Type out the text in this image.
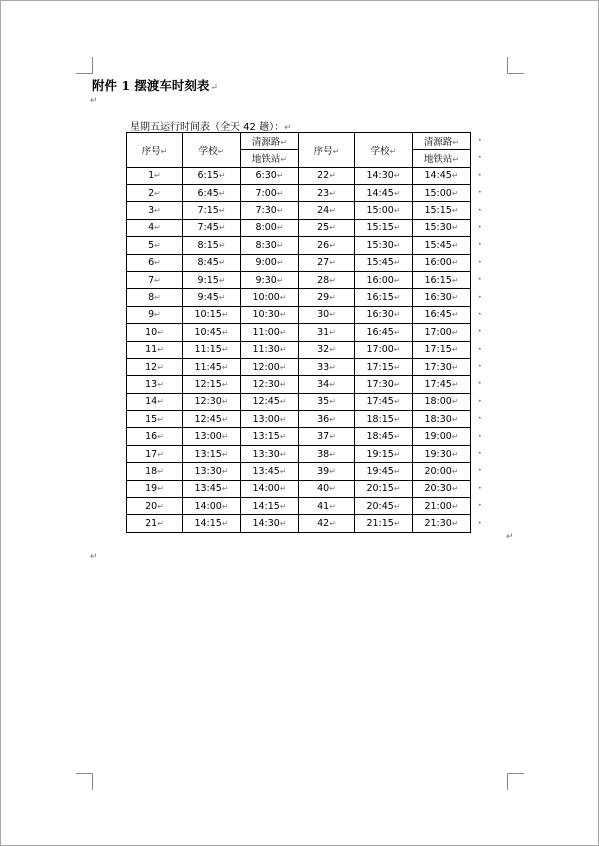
附件 1 摆渡车时刻表↵
↵
星期五运行时间表（全天 42 趟）：↵
序号↵	学校↵	清源路↵	序号↵	学校↵	清源路↵
		地铁站↵			地铁站↵
1↵	6:15↵	6:30↵	22↵	14:30↵	14:45↵
2↵	6:45↵	7:00↵	23↵	14:45↵	15:00↵
3↵	7:15↵	7:30↵	24↵	15:00↵	15:15↵
4↵	7:45↵	8:00↵	25↵	15:15↵	15:30↵
5↵	8:15↵	8:30↵	26↵	15:30↵	15:45↵
6↵	8:45↵	9:00↵	27↵	15:45↵	16:00↵
7↵	9:15↵	9:30↵	28↵	16:00↵	16:15↵
8↵	9:45↵	10:00↵	29↵	16:15↵	16:30↵
9↵	10:15↵	10:30↵	30↵	16:30↵	16:45↵
10↵	10:45↵	11:00↵	31↵	16:45↵	17:00↵
11↵	11:15↵	11:30↵	32↵	17:00↵	17:15↵
12↵	11:45↵	12:00↵	33↵	17:15↵	17:30↵
13↵	12:15↵	12:30↵	34↵	17:30↵	17:45↵
14↵	12:30↵	12:45↵	35↵	17:45↵	18:00↵
15↵	12:45↵	13:00↵	36↵	18:15↵	18:30↵
16↵	13:00↵	13:15↵	37↵	18:45↵	19:00↵
17↵	13:15↵	13:30↵	38↵	19:15↵	19:30↵
18↵	13:30↵	13:45↵	39↵	19:45↵	20:00↵
19↵	13:45↵	14:00↵	40↵	20:15↵	20:30↵
20↵	14:00↵	14:15↵	41↵	20:45↵	21:00↵
21↵	14:15↵	14:30↵	42↵	21:15↵	21:30↵
•
•
•
•
•
•
•
•
•
•
•
•
•
•
•
•
•
•
•
•
•
•
•
↵
↵
